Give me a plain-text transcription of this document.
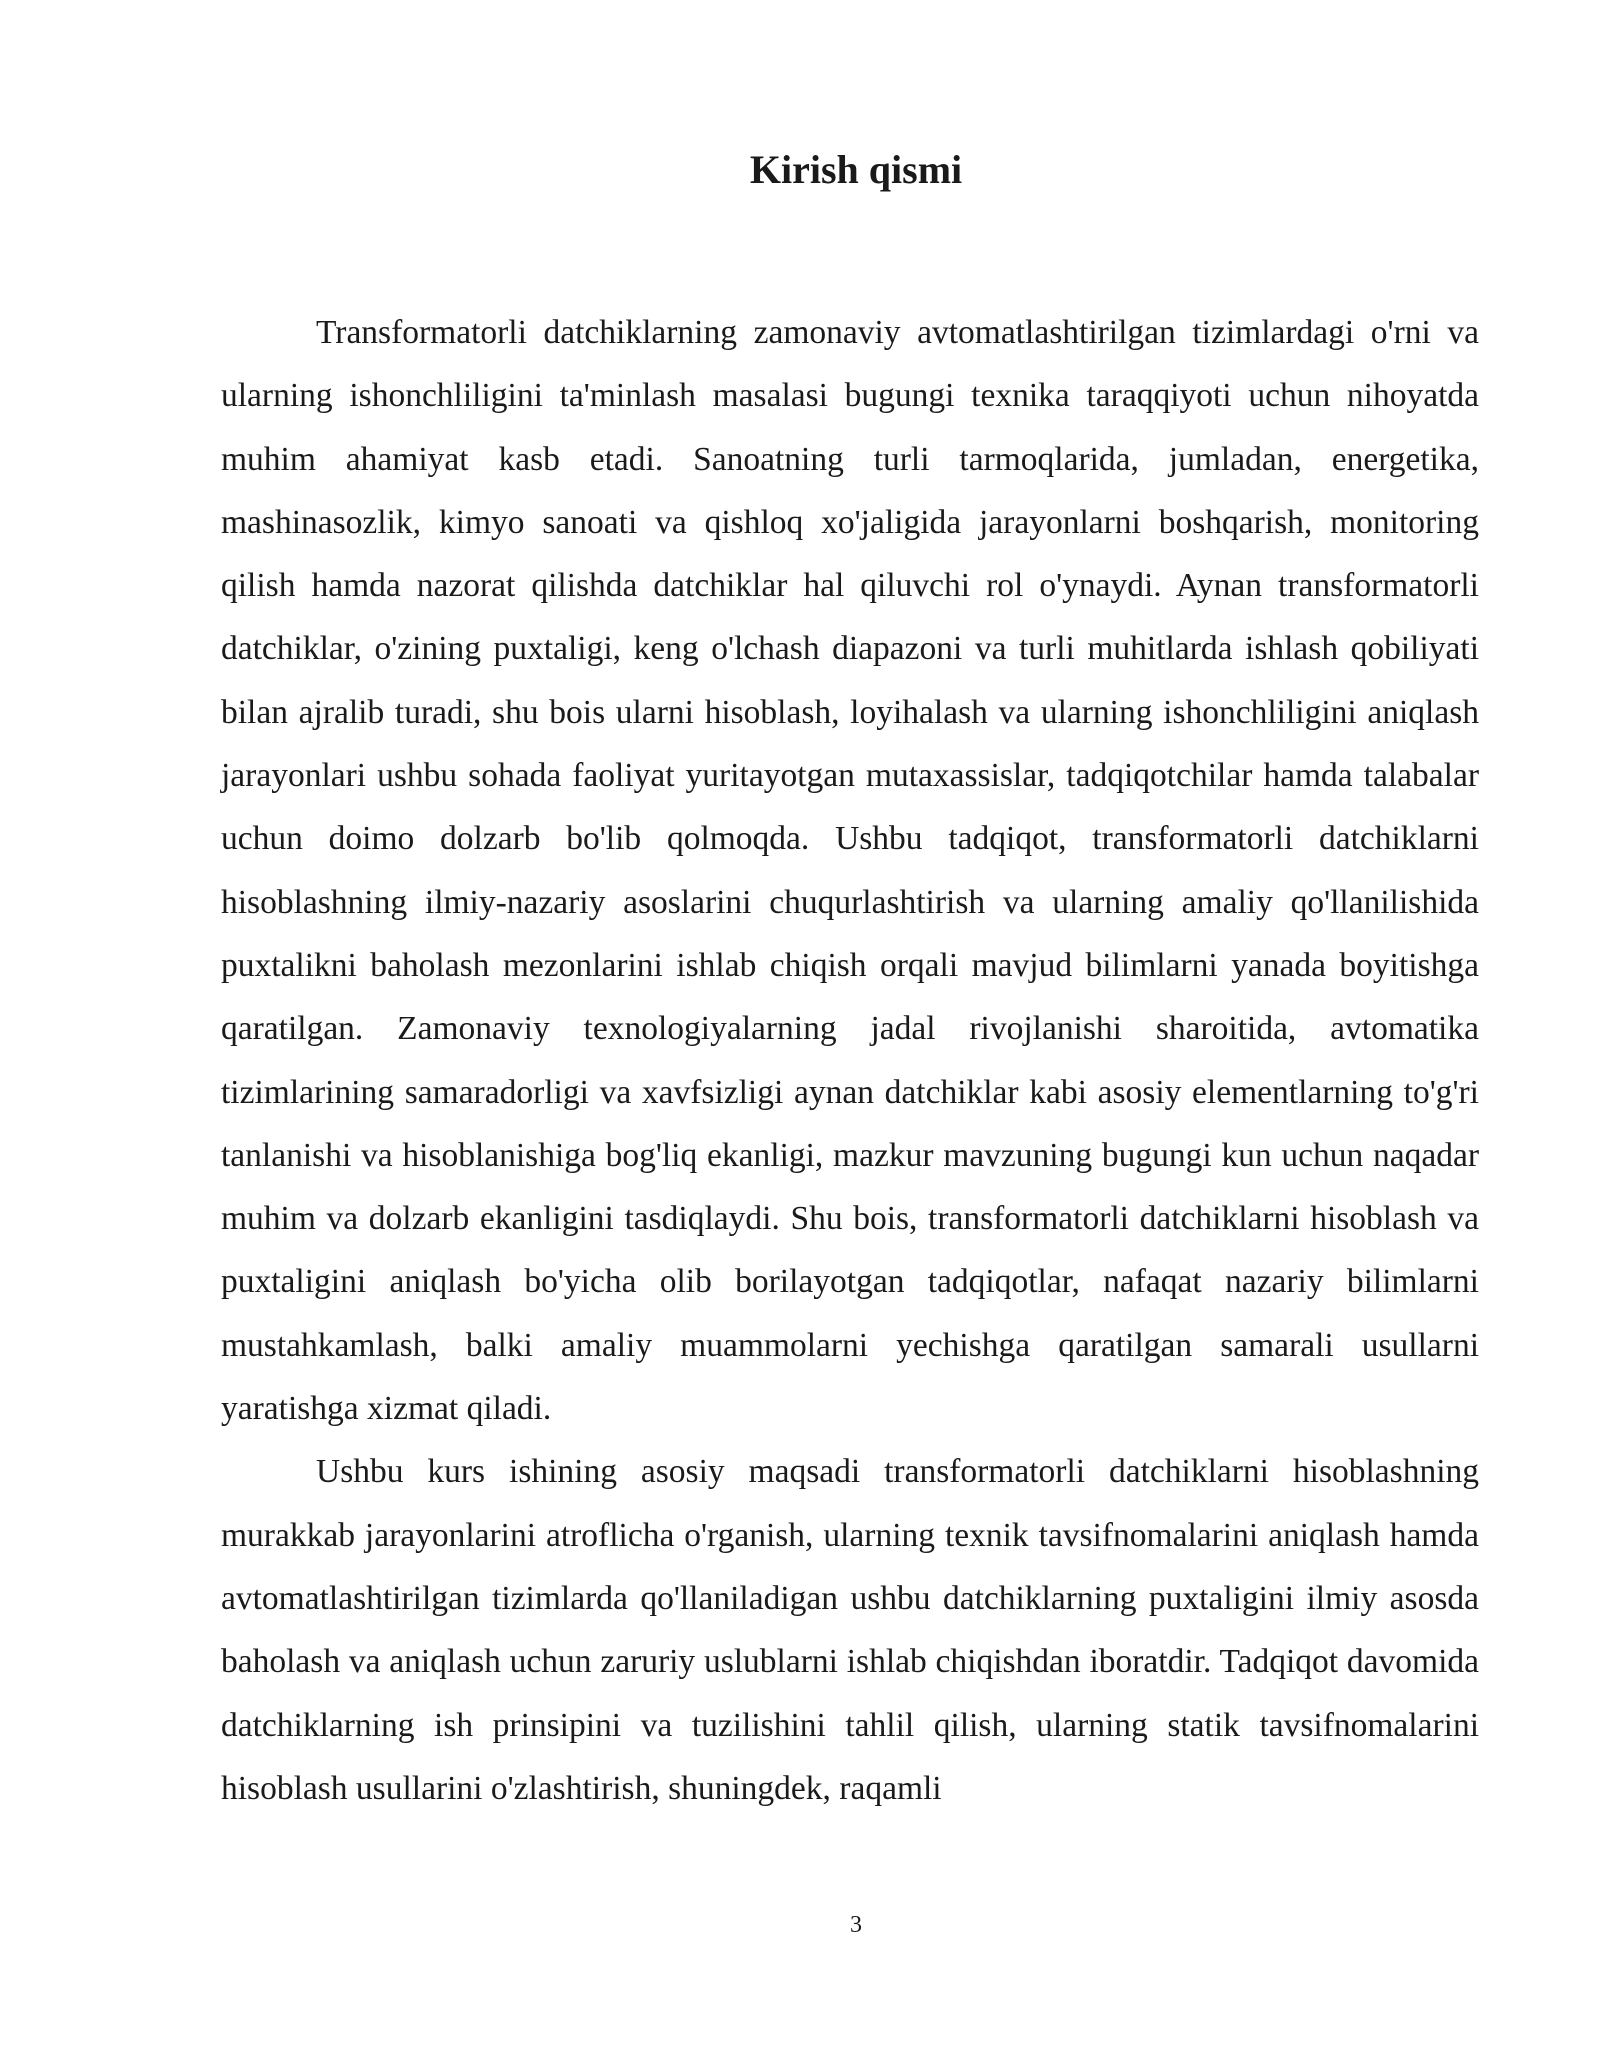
Kirish qismi

Transformatorli datchiklarning zamonaviy avtomatlashtirilgan tizimlardagi o'rni va ularning ishonchliligini ta'minlash masalasi bugungi texnika taraqqiyoti uchun nihoyatda muhim ahamiyat kasb etadi. Sanoatning turli tarmoqlarida, jumladan, energetika, mashinasozlik, kimyo sanoati va qishloq xo'jaligida jarayonlarni boshqarish, monitoring qilish hamda nazorat qilishda datchiklar hal qiluvchi rol o'ynaydi. Aynan transformatorli datchiklar, o'zining puxtaligi, keng o'lchash diapazoni va turli muhitlarda ishlash qobiliyati bilan ajralib turadi, shu bois ularni hisoblash, loyihalash va ularning ishonchliligini aniqlash jarayonlari ushbu sohada faoliyat yuritayotgan mutaxassislar, tadqiqotchilar hamda talabalar uchun doimo dolzarb bo'lib qolmoqda. Ushbu tadqiqot, transformatorli datchiklarni hisoblashning ilmiy-nazariy asoslarini chuqurlashtirish va ularning amaliy qo'llanilishida puxtalikni baholash mezonlarini ishlab chiqish orqali mavjud bilimlarni yanada boyitishga qaratilgan. Zamonaviy texnologiyalarning jadal rivojlanishi sharoitida, avtomatika tizimlarining samaradorligi va xavfsizligi aynan datchiklar kabi asosiy elementlarning to'g'ri tanlanishi va hisoblanishiga bog'liq ekanligi, mazkur mavzuning bugungi kun uchun naqadar muhim va dolzarb ekanligini tasdiqlaydi. Shu bois, transformatorli datchiklarni hisoblash va puxtaligini aniqlash bo'yicha olib borilayotgan tadqiqotlar, nafaqat nazariy bilimlarni mustahkamlash, balki amaliy muammolarni yechishga qaratilgan samarali usullarni yaratishga xizmat qiladi.

Ushbu kurs ishining asosiy maqsadi transformatorli datchiklarni hisoblashning murakkab jarayonlarini atroflicha o'rganish, ularning texnik tavsifnomalarini aniqlash hamda avtomatlashtirilgan tizimlarda qo'llaniladigan ushbu datchiklarning puxtaligini ilmiy asosda baholash va aniqlash uchun zaruriy uslublarni ishlab chiqishdan iboratdir. Tadqiqot davomida datchiklarning ish prinsipini va tuzilishini tahlil qilish, ularning statik tavsifnomalarini hisoblash usullarini o'zlashtirish, shuningdek, raqamli

3
